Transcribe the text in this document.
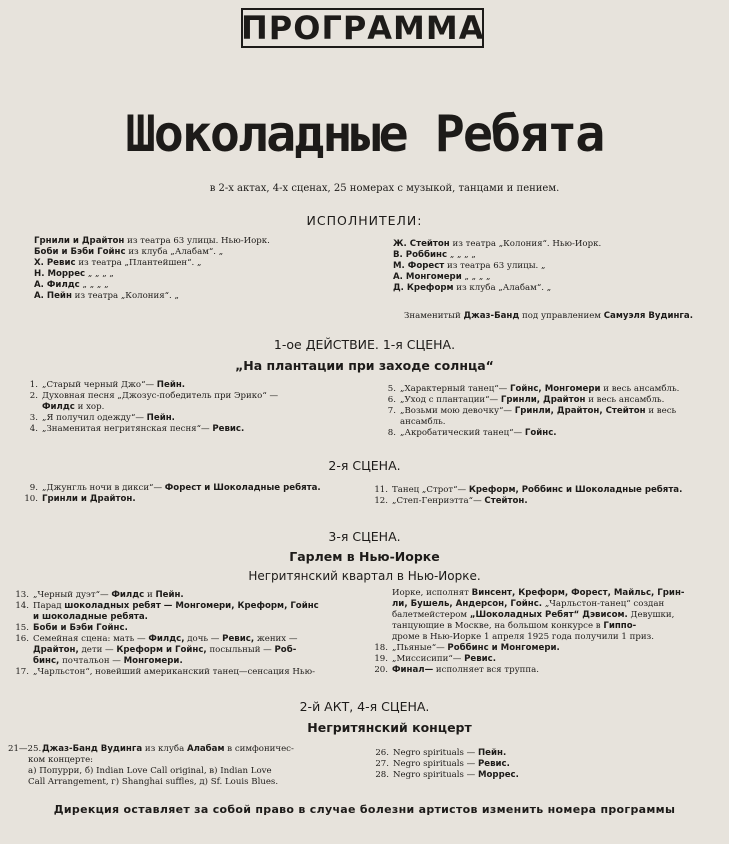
ПРОГРАММА
Шоколадные Ребята
в 2-х актах, 4-х сценах, 25 номерах с музыкой, танцами и пением.
ИСПОЛНИТЕЛИ:
Грнили и Драйтон
из театра 63 улицы. Нью-Иорк.
Боби и Бэби Гойнс
из клуба „Алабам“. „
Х. Ревис
из театра „Плантейшен“. „
Н. Моррес
„ „ „ „
А. Филдс
„ „ „ „
А. Пейн
из театра „Колония“. „
Ж. Стейтон
из театра „Колония“. Нью-Иорк.
В. Роббинс
„ „ „ „
М. Форест
из театра 63 улицы. „
А. Монгомери
„ „ „ „
Д. Креформ
из клуба „Алабам“. „
Знаменитый Джаз-Банд под управлением Самуэля Вудинга.
1-ое ДЕЙСТВИЕ. 1-я СЦЕНА.
„На плантации при заходе солнца“
1. „Старый черный Джо“— Пейн.
2. Духовная песня „Джозус-победитель при Эрико“ —
Филдс и хор.
3. „Я получил одежду“— Пейн.
4. „Знаменитая негритянская песня“— Ревис.
5. „Характерный танец“— Гойнс, Монгомери и весь ансамбль.
6. „Уход с плантации“— Гринли, Драйтон и весь ансамбль.
7. „Возьми мою девочку“— Гринли, Драйтон, Стейтон и весь
ансамбль.
8. „Акробатический танец“— Гойнс.
2-я СЦЕНА.
9. „Джунгль ночи в дикси“— Форест и Шоколадные ребята.
10. Гринли и Драйтон.
11. Танец „Строт“— Креформ, Роббинс и Шоколадные ребята.
12. „Степ-Генриэтта“— Стейтон.
3-я СЦЕНА.
Гарлем в Нью-Иорке
Негритянский квартал в Нью-Иорке.
13. „Черный дуэт“— Филдс и Пейн.
14. Парад шоколадных ребят — Монгомери, Креформ, Гойнс
и шоколадные ребята.
15. Боби и Бэби Гойнс.
16. Семейная сцена: мать — Филдс, дочь — Ревис, жених —
Драйтон, дети — Креформ и Гойнс, посыльный — Роб-
бинс, почтальон — Монгомери.
17. „Чарльстон“, новейший американский танец—сенсация Нью-
Иорке, исполнят Винсент, Креформ, Форест, Майльс, Грин-
ли, Бушель, Андерсон, Гойнс. „Чарльстон-танец“ создан
балетмейстером „Шоколадных Ребят“ Дэвисом. Девушки,
танцующие в Москве, на большом конкурсе в Гиппо-
дроме в Нью-Иорке 1 апреля 1925 года получили 1 приз.
18. „Пьяные“— Роббинс и Монгомери.
19. „Миссисипи“— Ревис.
20. Финал— исполняет вся труппа.
2-й АКТ, 4-я СЦЕНА.
Негритянский концерт
21—25. Джаз-Банд Вудинга из клуба Алабам в симфоничес-
ком концерте:
а) Попурри, б) Indian Love Call original, в) Indian Love
Call Arrangement, г) Shanghai suffles, д) Sf. Louis Blues.
26. Negro spirituals — Пейн.
27. Negro spirituals — Ревис.
28. Negro spirituals — Моррес.
Дирекция оставляет за собой право в случае болезни артистов изменить номера программы
